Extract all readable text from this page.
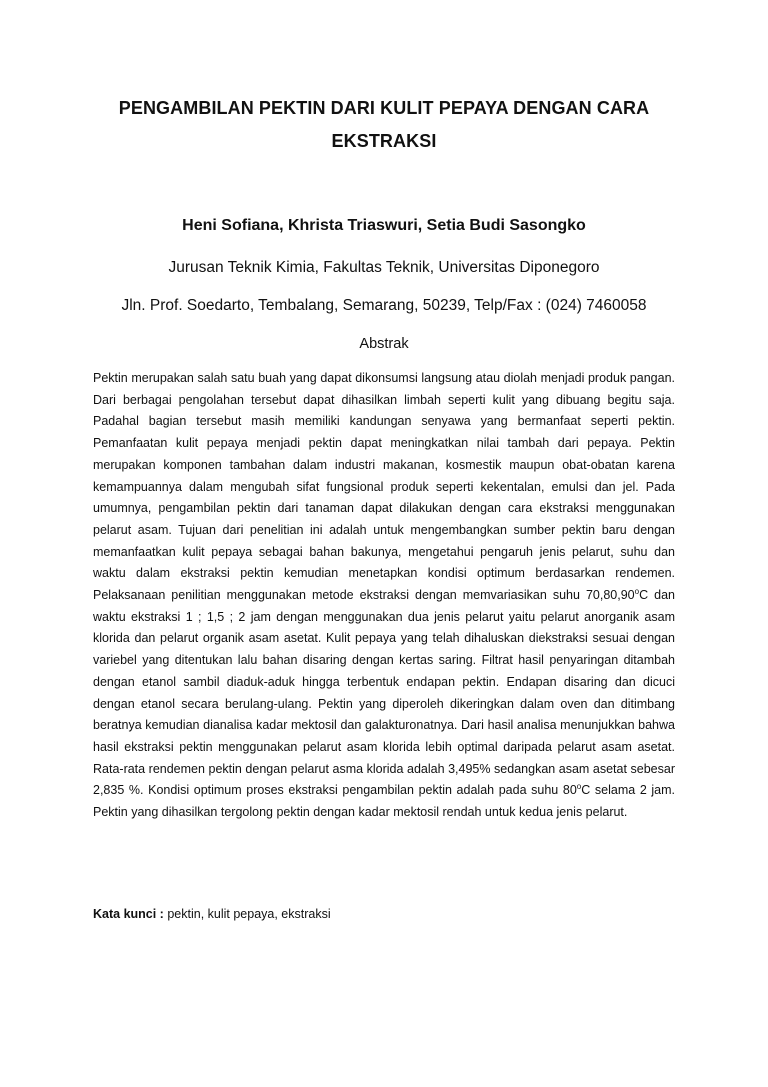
PENGAMBILAN PEKTIN DARI KULIT PEPAYA DENGAN CARA EKSTRAKSI
Heni Sofiana, Khrista Triaswuri, Setia Budi Sasongko
Jurusan Teknik Kimia, Fakultas Teknik, Universitas Diponegoro
Jln. Prof. Soedarto, Tembalang, Semarang, 50239, Telp/Fax : (024) 7460058
Abstrak
Pektin merupakan salah satu buah yang dapat dikonsumsi langsung atau diolah menjadi produk pangan. Dari berbagai pengolahan tersebut dapat dihasilkan limbah seperti kulit yang dibuang begitu saja. Padahal bagian tersebut masih memiliki kandungan senyawa yang bermanfaat seperti pektin. Pemanfaatan kulit pepaya menjadi pektin dapat meningkatkan nilai tambah dari pepaya. Pektin merupakan komponen tambahan dalam industri makanan, kosmestik maupun obat-obatan karena kemampuannya dalam mengubah sifat fungsional produk seperti kekentalan, emulsi dan jel. Pada umumnya, pengambilan pektin dari tanaman dapat dilakukan dengan cara ekstraksi menggunakan pelarut asam. Tujuan dari penelitian ini adalah untuk mengembangkan sumber pektin baru dengan memanfaatkan kulit pepaya sebagai bahan bakunya, mengetahui pengaruh jenis pelarut, suhu dan waktu dalam ekstraksi pektin kemudian menetapkan kondisi optimum berdasarkan rendemen. Pelaksanaan penilitian menggunakan metode ekstraksi dengan memvariasikan suhu 70,80,90$^o$C dan waktu ekstraksi 1 ; 1,5 ; 2 jam dengan menggunakan dua jenis pelarut yaitu pelarut anorganik asam klorida dan pelarut organik asam asetat. Kulit pepaya yang telah dihaluskan diekstraksi sesuai dengan variebel yang ditentukan lalu bahan disaring dengan kertas saring. Filtrat hasil penyaringan ditambah dengan etanol sambil diaduk-aduk hingga terbentuk endapan pektin. Endapan disaring dan dicuci dengan etanol secara berulang-ulang. Pektin yang diperoleh dikeringkan dalam oven dan ditimbang beratnya kemudian dianalisa kadar mektosil dan galakturonatnya. Dari hasil analisa menunjukkan bahwa hasil ekstraksi pektin menggunakan pelarut asam klorida lebih optimal daripada pelarut asam asetat. Rata-rata rendemen pektin dengan pelarut asma klorida adalah 3,495% sedangkan asam asetat sebesar 2,835 %. Kondisi optimum proses ekstraksi pengambilan pektin adalah pada suhu 80$^o$C selama 2 jam. Pektin yang dihasilkan tergolong pektin dengan kadar mektosil rendah untuk kedua jenis pelarut.
Kata kunci : pektin, kulit pepaya, ekstraksi
